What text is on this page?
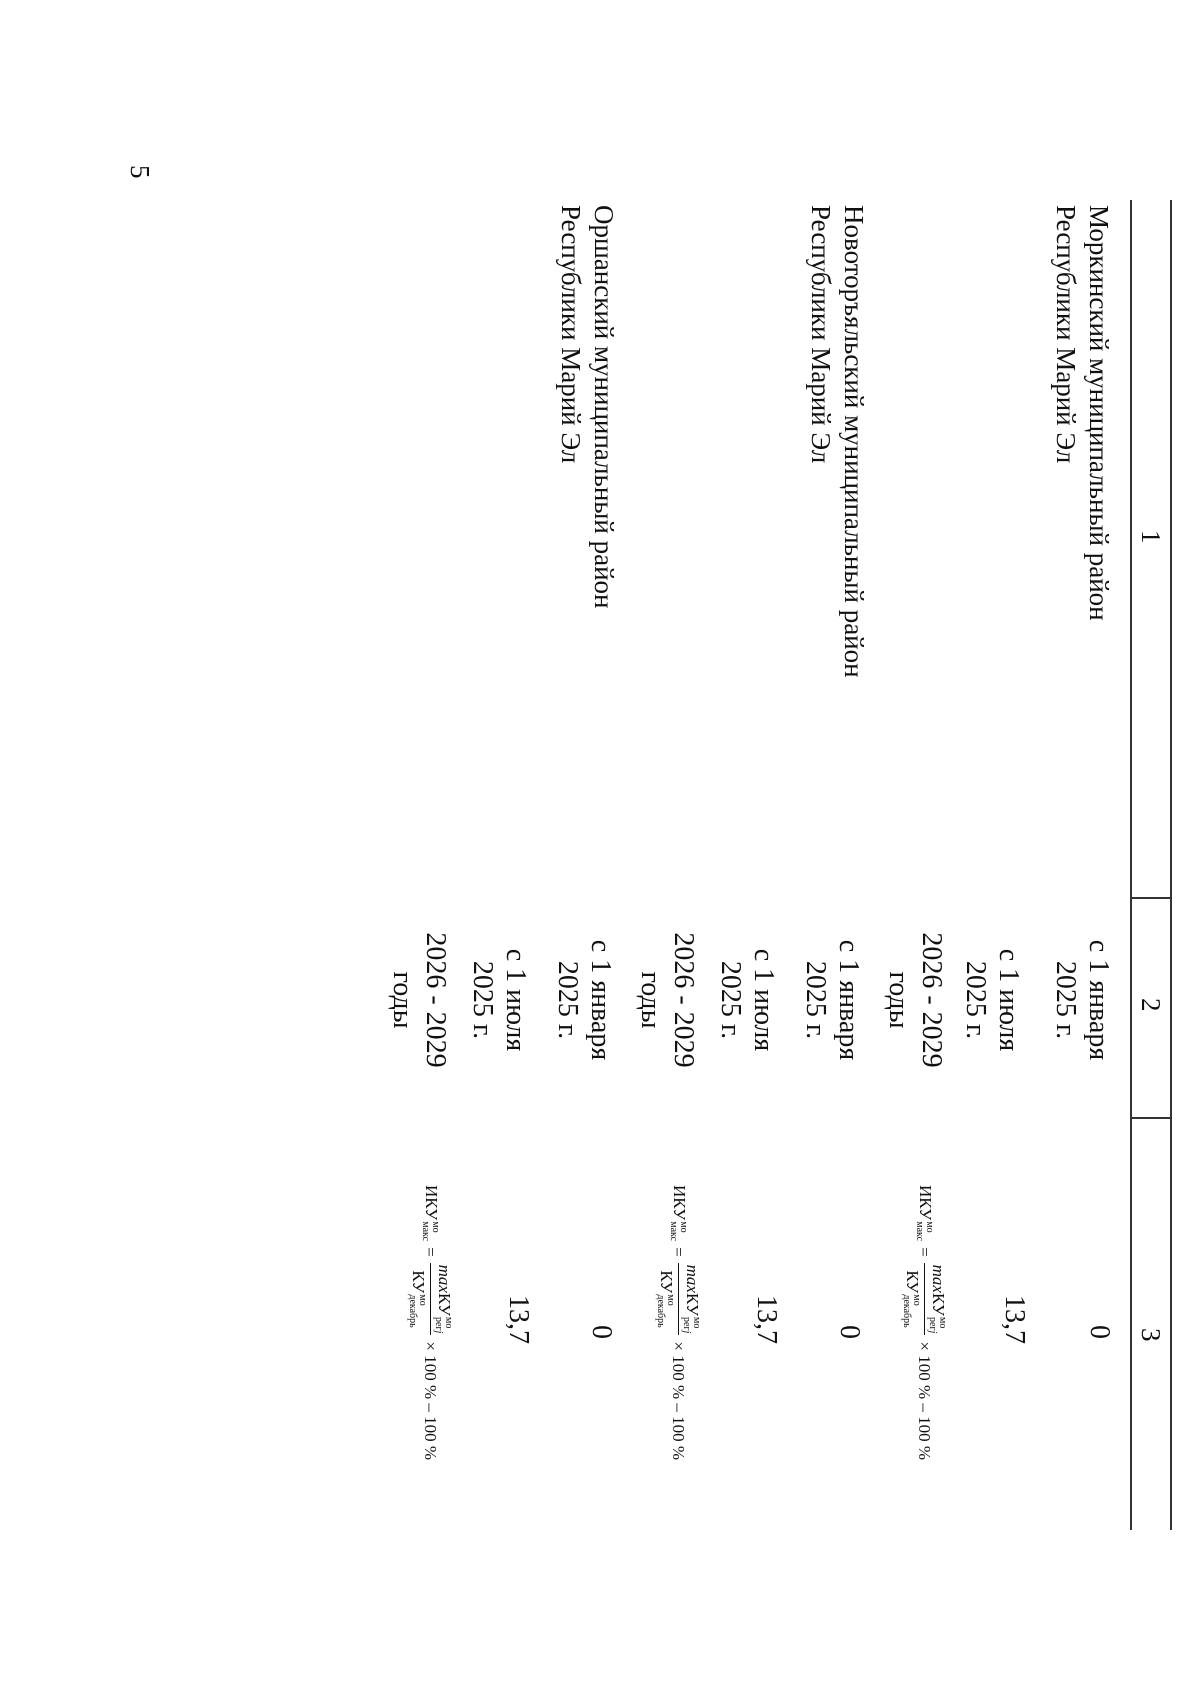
5
1
2
3
Моркинский муниципальный район
Республики Марий Эл
с 1 января
2025 г.
0
с 1 июля
2025 г.
13,7
2026 - 2029
годы
ИКУ
мо
макс
=
maxКУ
мо
регj
КУ
мо
декабрь
× 100 % – 100 %
Новоторъяльский муниципальный район
Республики Марий Эл
с 1 января
2025 г.
0
с 1 июля
2025 г.
13,7
2026 - 2029
годы
ИКУ
мо
макс
=
maxКУ
мо
регj
КУ
мо
декабрь
× 100 % – 100 %
Оршанский муниципальный район
Республики Марий Эл
с 1 января
2025 г.
0
с 1 июля
2025 г.
13,7
2026 - 2029
годы
ИКУ
мо
макс
=
maxКУ
мо
регj
КУ
мо
декабрь
× 100 % – 100 %
